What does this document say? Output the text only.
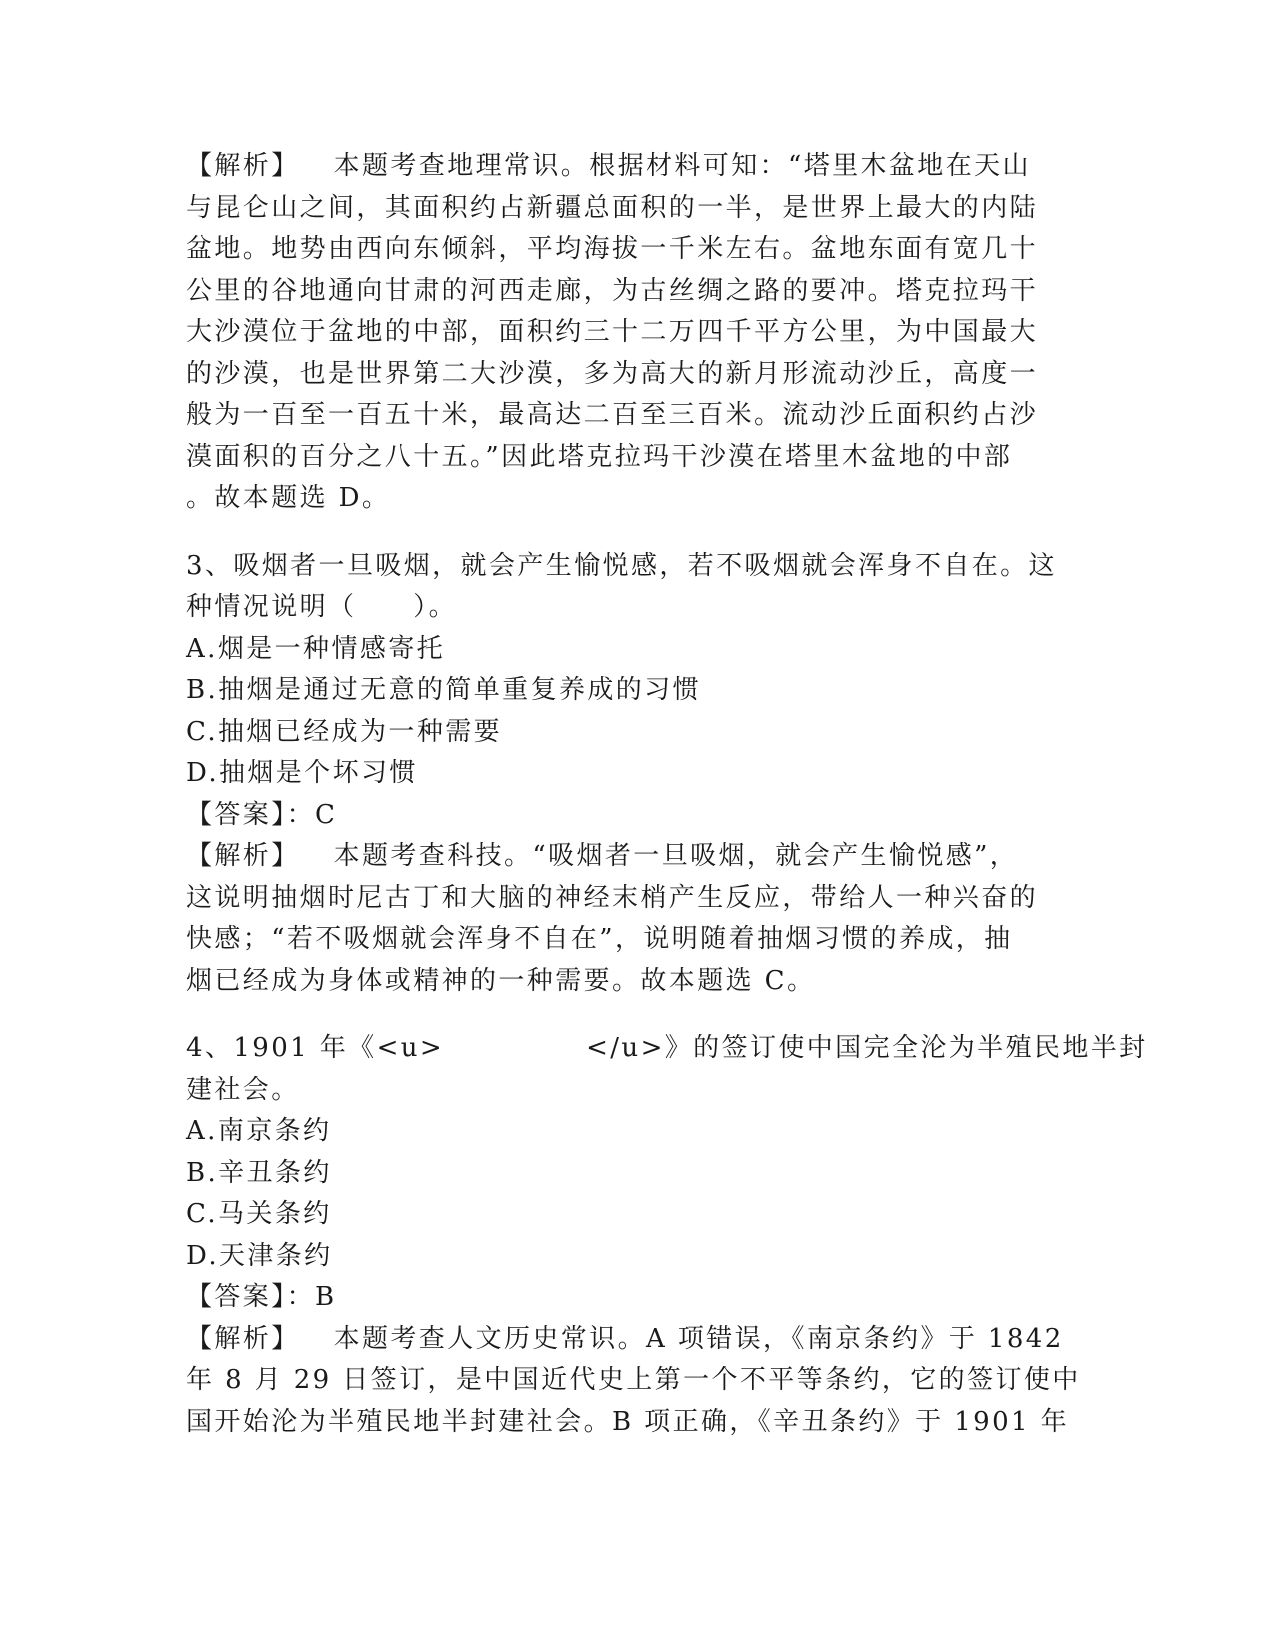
【解析】 本题考查地理常识。根据材料可知：“塔里木盆地在天山
与昆仑山之间，其面积约占新疆总面积的一半，是世界上最大的内陆
盆地。地势由西向东倾斜，平均海拔一千米左右。盆地东面有宽几十
公里的谷地通向甘肃的河西走廊，为古丝绸之路的要冲。塔克拉玛干
大沙漠位于盆地的中部，面积约三十二万四千平方公里，为中国最大
的沙漠，也是世界第二大沙漠，多为高大的新月形流动沙丘，高度一
般为一百至一百五十米，最高达二百至三百米。流动沙丘面积约占沙
漠面积的百分之八十五。”因此塔克拉玛干沙漠在塔里木盆地的中部
。故本题选 D。
3、吸烟者一旦吸烟，就会产生愉悦感，若不吸烟就会浑身不自在。这
种情况说明（　　）。
A.烟是一种情感寄托
B.抽烟是通过无意的简单重复养成的习惯
C.抽烟已经成为一种需要
D.抽烟是个坏习惯
【答案】：C
【解析】 本题考查科技。“吸烟者一旦吸烟，就会产生愉悦感”，
这说明抽烟时尼古丁和大脑的神经末梢产生反应，带给人一种兴奋的
快感；“若不吸烟就会浑身不自在”，说明随着抽烟习惯的养成，抽
烟已经成为身体或精神的一种需要。故本题选 C。
4、1901 年《<u>　　　　　</u>》的签订使中国完全沦为半殖民地半封
建社会。
A.南京条约
B.辛丑条约
C.马关条约
D.天津条约
【答案】：B
【解析】 本题考查人文历史常识。A 项错误，《南京条约》于 1842
年 8 月 29 日签订，是中国近代史上第一个不平等条约，它的签订使中
国开始沦为半殖民地半封建社会。B 项正确，《辛丑条约》于 1901 年
